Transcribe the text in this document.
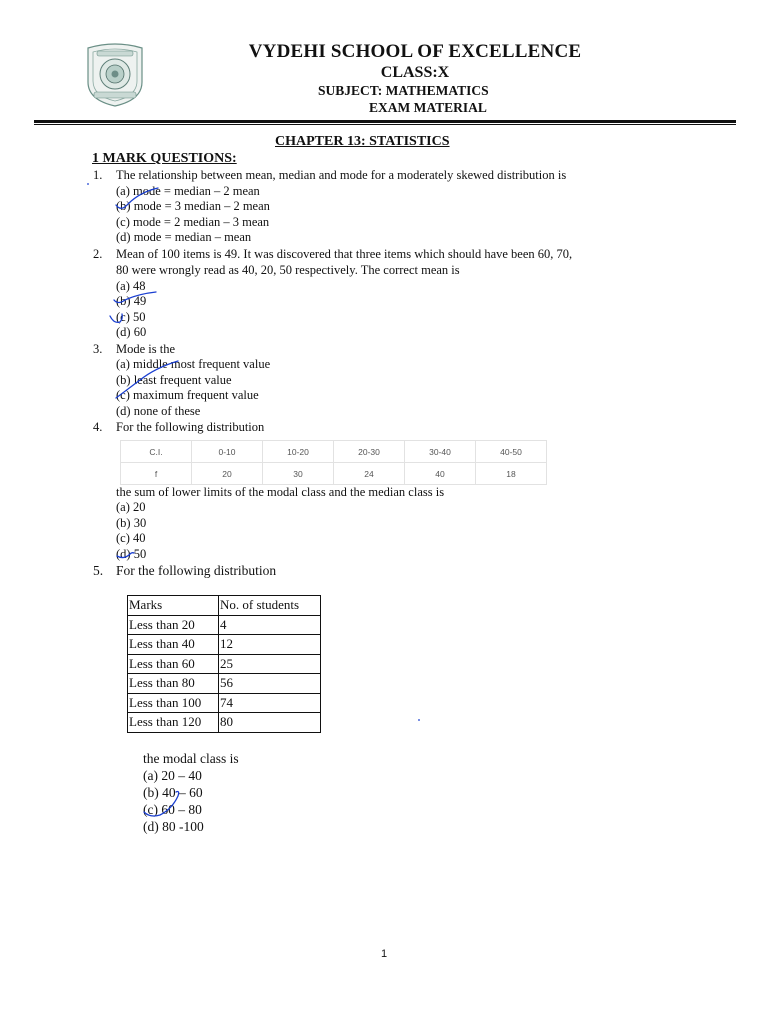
VYDEHI SCHOOL OF EXCELLENCE
CLASS:X
SUBJECT: MATHEMATICS
EXAM MATERIAL
CHAPTER 13: STATISTICS
1 MARK QUESTIONS:
1. The relationship between mean, median and mode for a moderately skewed distribution is
(a) mode = median – 2 mean
(b) mode = 3 median – 2 mean
(c) mode = 2 median – 3 mean
(d) mode = median – mean
2. Mean of 100 items is 49. It was discovered that three items which should have been 60, 70,
80 were wrongly read as 40, 20, 50 respectively. The correct mean is
(a) 48
(b) 49
(c) 50
(d) 60
3. Mode is the
(a) middle most frequent value
(b) least frequent value
(c) maximum frequent value
(d) none of these
4. For the following distribution
C.I.	0-10	10-20	20-30	30-40	40-50
f	20	30	24	40	18
the sum of lower limits of the modal class and the median class is
(a) 20
(b) 30
(c) 40
(d) 50
5. For the following distribution
Marks	No. of students
Less than 20	4
Less than 40	12
Less than 60	25
Less than 80	56
Less than 100	74
Less than 120	80
the modal class is
(a) 20 – 40
(b) 40 – 60
(c) 60 – 80
(d) 80 -100
1
